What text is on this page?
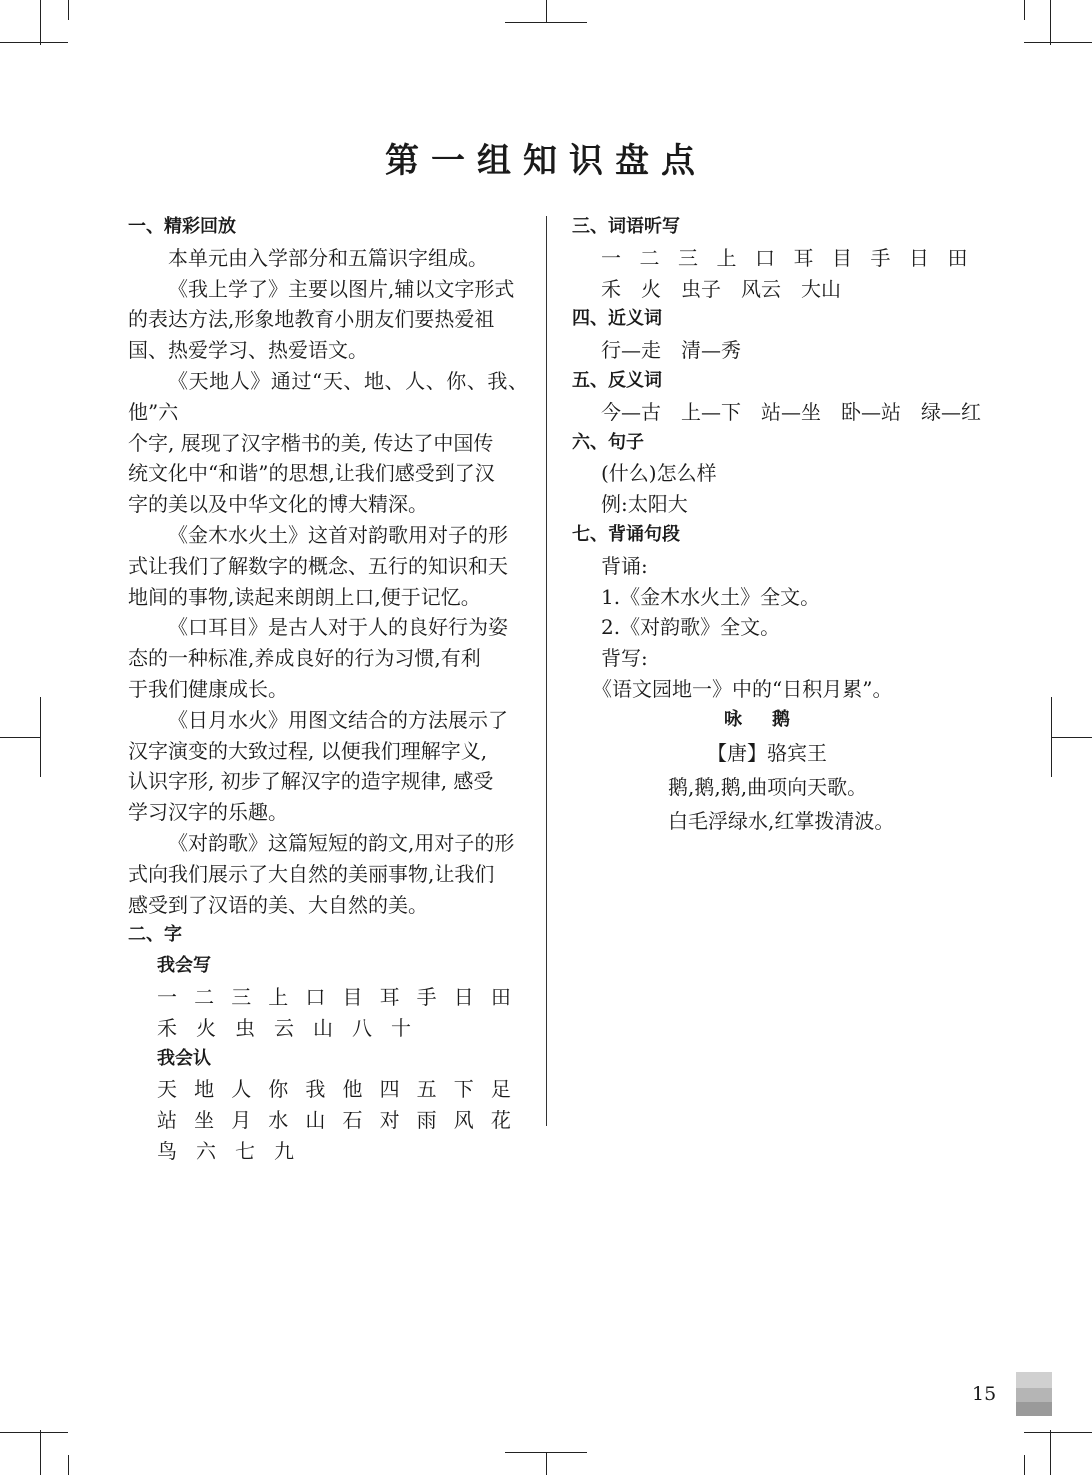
第一组知识盘点
一、精彩回放
本单元由入学部分和五篇识字组成。
《我上学了》主要以图片,辅以文字形式
的表达方法,形象地教育小朋友们要热爱祖
国、热爱学习、热爱语文。
《天地人》通过“天、地、人、你、我、他”六
个字, 展现了汉字楷书的美, 传达了中国传
统文化中“和谐”的思想,让我们感受到了汉
字的美以及中华文化的博大精深。
《金木水火土》这首对韵歌用对子的形
式让我们了解数字的概念、五行的知识和天
地间的事物,读起来朗朗上口,便于记忆。
《口耳目》是古人对于人的良好行为姿
态的一种标准,养成良好的行为习惯,有利
于我们健康成长。
《日月水火》用图文结合的方法展示了
汉字演变的大致过程, 以便我们理解字义,
认识字形, 初步了解汉字的造字规律, 感受
学习汉字的乐趣。
《对韵歌》这篇短短的韵文,用对子的形
式向我们展示了大自然的美丽事物,让我们
感受到了汉语的美、大自然的美。
二、字
我会写
一 二 三 上 口 目 耳 手 日 田
禾 火 虫 云 山 八 十
我会认
天 地 人 你 我 他 四 五 下 足
站 坐 月 水 山 石 对 雨 风 花
鸟 六 七 九
三、词语听写
一 二 三 上 口 耳 目 手 日 田
禾　火　虫子　风云　大山
四、近义词
行—走　清—秀
五、反义词
今—古　上—下　站—坐　卧—站　绿—红
六、句子
(什么)怎么样
例:太阳大
七、背诵句段
背诵:
1.《金木水火土》全文。
2.《对韵歌》全文。
背写:
《语文园地一》中的“日积月累”。
咏鹅
【唐】骆宾王
鹅,鹅,鹅,曲项向天歌。
白毛浮绿水,红掌拨清波。
15
